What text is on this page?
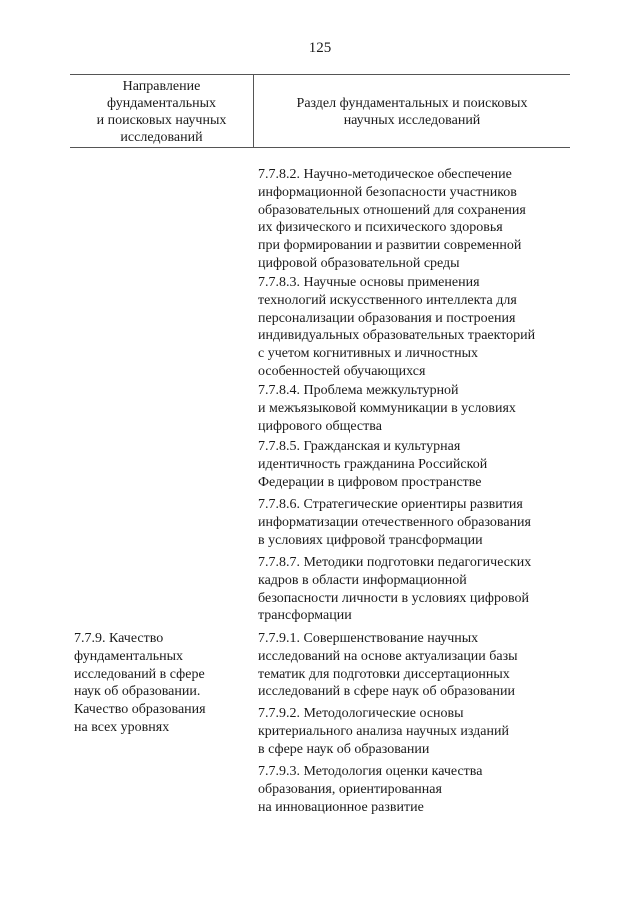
125
Направление
фундаментальных
и поисковых научных
исследований
Раздел фундаментальных и поисковых
научных исследований
7.7.8.2. Научно-методическое обеспечение
информационной безопасности участников
образовательных отношений для сохранения
их физического и психического здоровья
при формировании и развитии современной
цифровой образовательной среды
7.7.8.3. Научные основы применения
технологий искусственного интеллекта для
персонализации образования и построения
индивидуальных образовательных траекторий
с учетом когнитивных и личностных
особенностей обучающихся
7.7.8.4. Проблема межкультурной
и межъязыковой коммуникации в условиях
цифрового общества
7.7.8.5. Гражданская и культурная
идентичность гражданина Российской
Федерации в цифровом пространстве
7.7.8.6. Стратегические ориентиры развития
информатизации отечественного образования
в условиях цифровой трансформации
7.7.8.7. Методики подготовки педагогических
кадров в области информационной
безопасности личности в условиях цифровой
трансформации
7.7.9.1. Совершенствование научных
исследований на основе актуализации базы
тематик для подготовки диссертационных
исследований в сфере наук об образовании
7.7.9.2. Методологические основы
критериального анализа научных изданий
в сфере наук об образовании
7.7.9.3. Методология оценки качества
образования, ориентированная
на инновационное развитие
7.7.9. Качество
фундаментальных
исследований в сфере
наук об образовании.
Качество образования
на всех уровнях
